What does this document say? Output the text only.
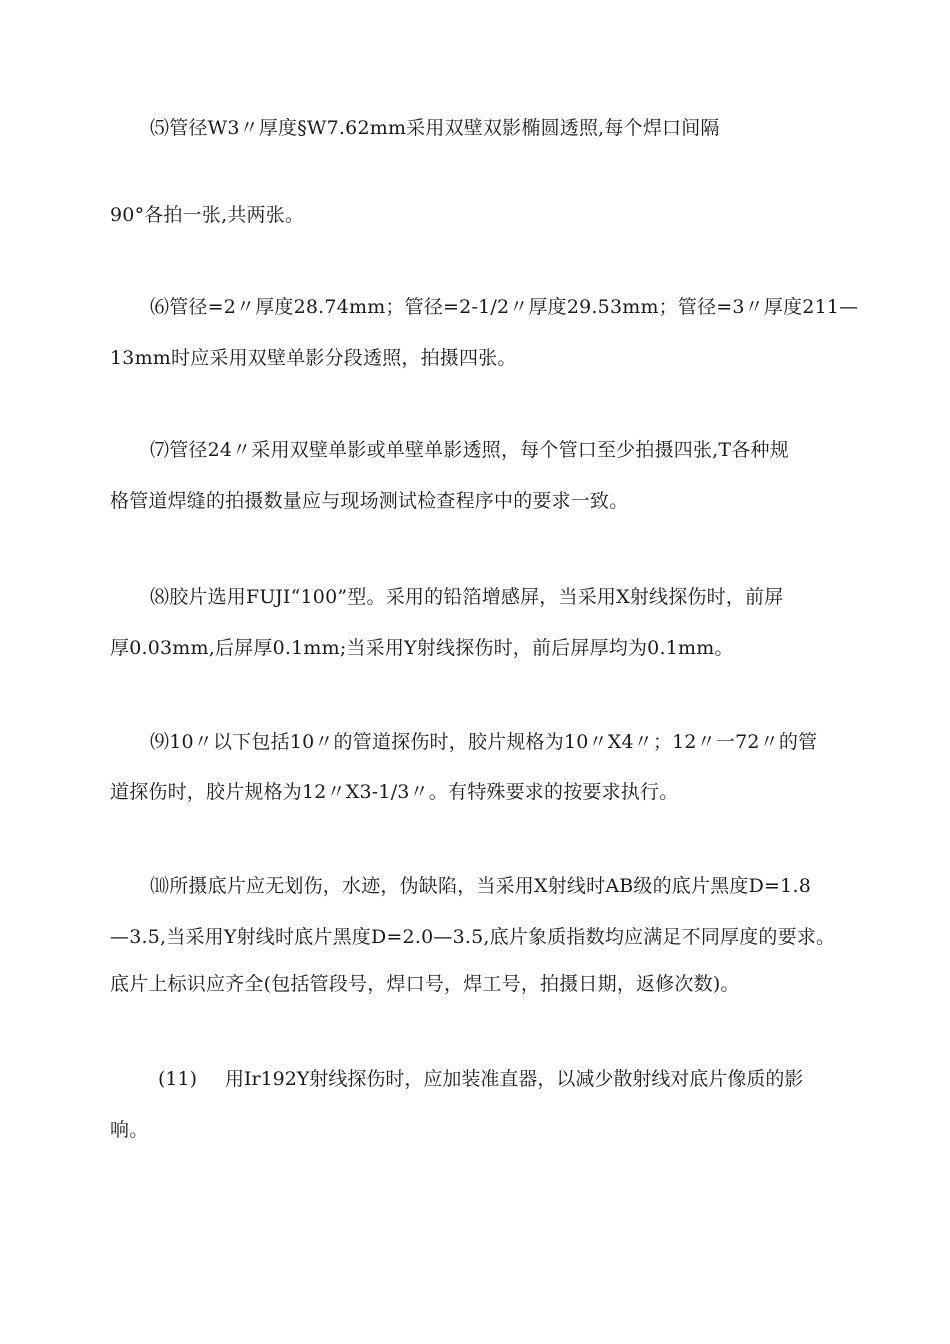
⑸管径W3〃厚度§W7.62mm采用双壁双影椭圆透照,每个焊口间隔
90°各拍一张,共两张。
⑹管径=2〃厚度28.74mm；管径=2-1/2〃厚度29.53mm；管径=3〃厚度211—
13mm时应采用双壁单影分段透照，拍摄四张。
⑺管径24〃采用双壁单影或单壁单影透照，每个管口至少拍摄四张,T各种规
格管道焊缝的拍摄数量应与现场测试检查程序中的要求一致。
⑻胶片选用FUJI“100”型。采用的铅箔增感屏，当采用X射线探伤时，前屏
厚0.03mm,后屏厚0.1mm;当采用Y射线探伤时，前后屏厚均为0.1mm。
⑼10〃以下包括10〃的管道探伤时，胶片规格为10〃X4〃；12〃一72〃的管
道探伤时，胶片规格为12〃X3-1/3〃。有特殊要求的按要求执行。
⑽所摄底片应无划伤，水迹，伪缺陷，当采用X射线时AB级的底片黑度D=1.8
—3.5,当采用Y射线时底片黑度D=2.0—3.5,底片象质指数均应满足不同厚度的要求。
底片上标识应齐全(包括管段号，焊口号，焊工号，拍摄日期，返修次数)。
(11) 用Ir192Y射线探伤时，应加装准直器，以减少散射线对底片像质的影
响。
